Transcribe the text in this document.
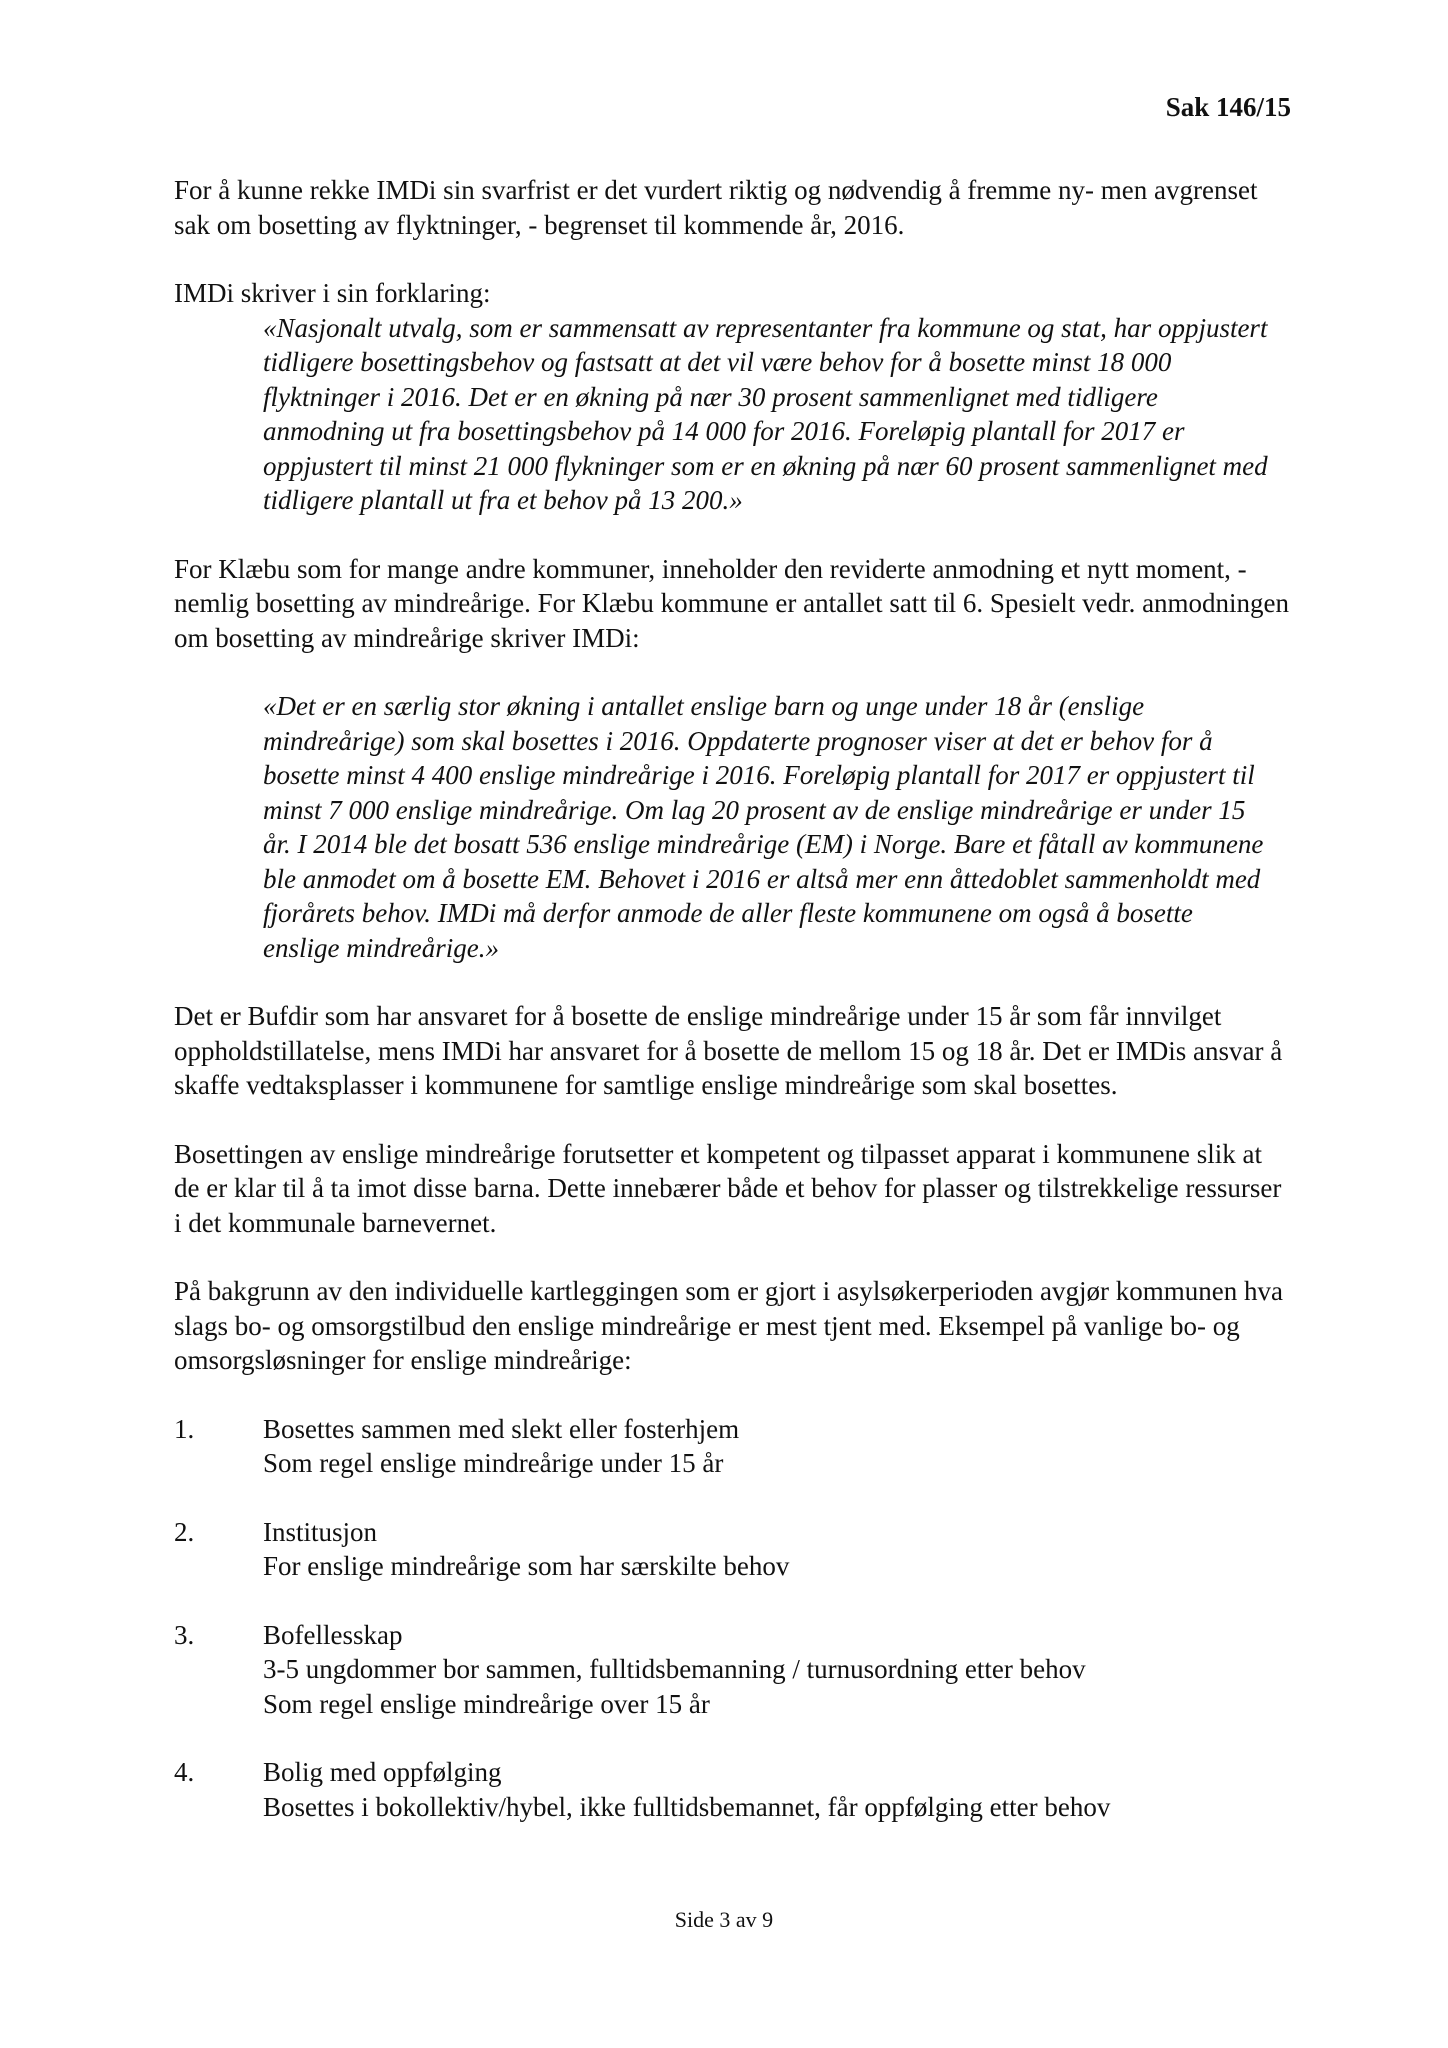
Sak 146/15

For å kunne rekke IMDi sin svarfrist er det vurdert riktig og nødvendig å fremme ny- men avgrenset sak om bosetting av flyktninger, - begrenset til kommende år, 2016.

IMDi skriver i sin forklaring:

«Nasjonalt utvalg, som er sammensatt av representanter fra kommune og stat, har oppjustert tidligere bosettingsbehov og fastsatt at det vil være behov for å bosette minst 18 000 flyktninger i 2016. Det er en økning på nær 30 prosent sammenlignet med tidligere anmodning ut fra bosettingsbehov på 14 000 for 2016. Foreløpig plantall for 2017 er oppjustert til minst 21 000 flykninger som er en økning på nær 60 prosent sammenlignet med tidligere plantall ut fra et behov på 13 200.»

For Klæbu som for mange andre kommuner, inneholder den reviderte anmodning et nytt moment, - nemlig bosetting av mindreårige. For Klæbu kommune er antallet satt til 6. Spesielt vedr. anmodningen om bosetting av mindreårige skriver IMDi:

«Det er en særlig stor økning i antallet enslige barn og unge under 18 år (enslige mindreårige) som skal bosettes i 2016. Oppdaterte prognoser viser at det er behov for å bosette minst 4 400 enslige mindreårige i 2016. Foreløpig plantall for 2017 er oppjustert til minst 7 000 enslige mindreårige. Om lag 20 prosent av de enslige mindreårige er under 15 år. I 2014 ble det bosatt 536 enslige mindreårige (EM) i Norge. Bare et fåtall av kommunene ble anmodet om å bosette EM. Behovet i 2016 er altså mer enn åttedoblet sammenholdt med fjorårets behov. IMDi må derfor anmode de aller fleste kommunene om også å bosette enslige mindreårige.»

Det er Bufdir som har ansvaret for å bosette de enslige mindreårige under 15 år som får innvilget oppholdstillatelse, mens IMDi har ansvaret for å bosette de mellom 15 og 18 år. Det er IMDis ansvar å skaffe vedtaksplasser i kommunene for samtlige enslige mindreårige som skal bosettes.

Bosettingen av enslige mindreårige forutsetter et kompetent og tilpasset apparat i kommunene slik at de er klar til å ta imot disse barna. Dette innebærer både et behov for plasser og tilstrekkelige ressurser i det kommunale barnevernet.

På bakgrunn av den individuelle kartleggingen som er gjort i asylsøkerperioden avgjør kommunen hva slags bo- og omsorgstilbud den enslige mindreårige er mest tjent med. Eksempel på vanlige bo- og omsorgsløsninger for enslige mindreårige:

1.	Bosettes sammen med slekt eller fosterhjem
Som regel enslige mindreårige under 15 år
2.	Institusjon
For enslige mindreårige som har særskilte behov
3.	Bofellesskap
3-5 ungdommer bor sammen, fulltidsbemanning / turnusordning etter behov
Som regel enslige mindreårige over 15 år
4.	Bolig med oppfølging
Bosettes i bokollektiv/hybel, ikke fulltidsbemannet, får oppfølging etter behov

Side 3 av 9
